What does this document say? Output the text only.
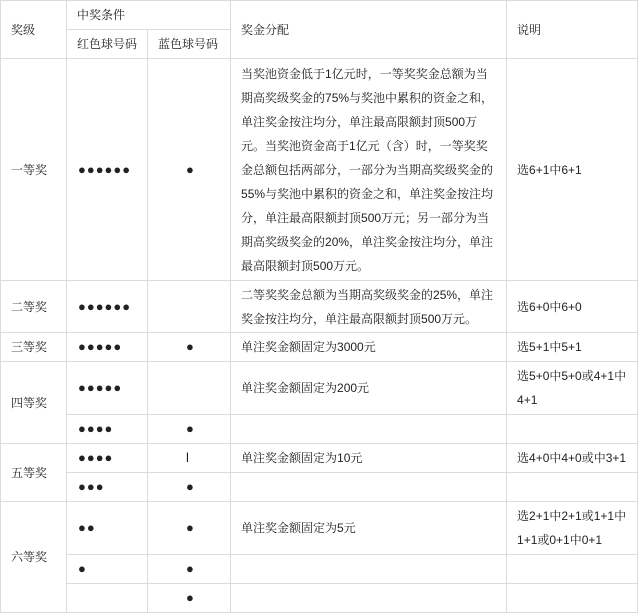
奖级	中奖条件		奖金分配	说明
	红色球号码	蓝色球号码		
一等奖	●●●●●●	●	当奖池资金低于1亿元时，一等奖奖金总额为当期高奖级奖金的75%与奖池中累积的资金之和，单注奖金按注均分，单注最高限额封顶500万元。当奖池资金高于1亿元（含）时，一等奖奖金总额包括两部分，一部分为当期高奖级奖金的55%与奖池中累积的资金之和，单注奖金按注均分，单注最高限额封顶500万元；另一部分为当期高奖级奖金的20%，单注奖金按注均分，单注最高限额封顶500万元。	选6+1中6+1
二等奖	●●●●●●		二等奖奖金总额为当期高奖级奖金的25%，单注奖金按注均分，单注最高限额封顶500万元。	选6+0中6+0
三等奖	●●●●●	●	单注奖金额固定为3000元	选5+1中5+1
四等奖	●●●●●		单注奖金额固定为200元	选5+0中5+0或4+1中4+1
	●●●●	●		
五等奖	●●●●	l	单注奖金额固定为10元	选4+0中4+0或中3+1
	●●●	●		
六等奖	●●	●	单注奖金额固定为5元	选2+1中2+1或1+1中1+1或0+1中0+1
	●	●		
		●		
